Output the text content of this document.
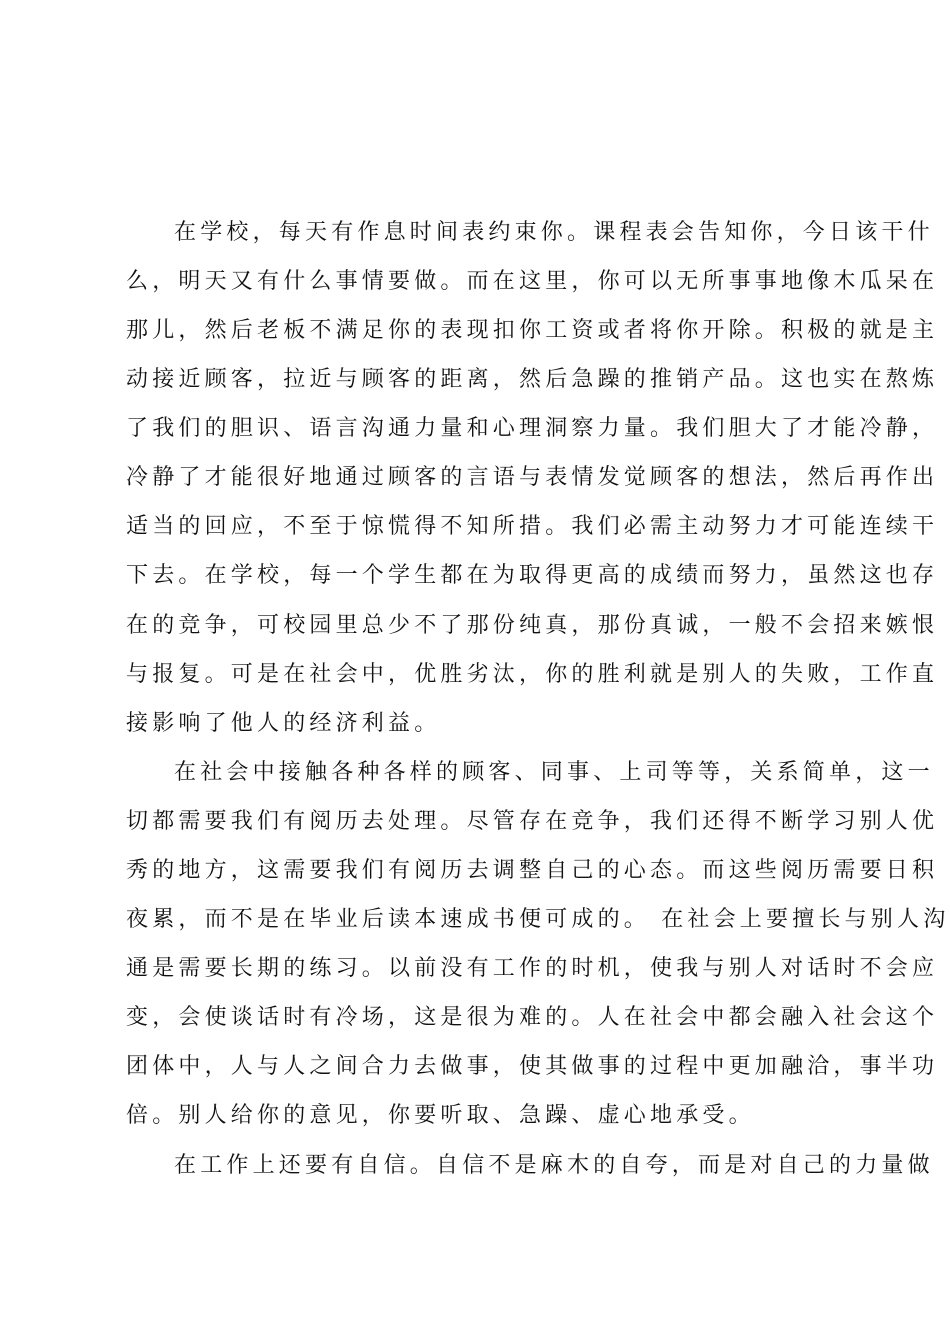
在学校，每天有作息时间表约束你。课程表会告知你，今日该干什
么，明天又有什么事情要做。而在这里，你可以无所事事地像木瓜呆在
那儿，然后老板不满足你的表现扣你工资或者将你开除。积极的就是主
动接近顾客，拉近与顾客的距离，然后急躁的推销产品。这也实在熬炼
了我们的胆识、语言沟通力量和心理洞察力量。我们胆大了才能冷静，
冷静了才能很好地通过顾客的言语与表情发觉顾客的想法，然后再作出
适当的回应，不至于惊慌得不知所措。我们必需主动努力才可能连续干
下去。在学校，每一个学生都在为取得更高的成绩而努力，虽然这也存
在的竞争，可校园里总少不了那份纯真，那份真诚，一般不会招来嫉恨
与报复。可是在社会中，优胜劣汰，你的胜利就是别人的失败，工作直
接影响了他人的经济利益。
在社会中接触各种各样的顾客、同事、上司等等，关系简单，这一
切都需要我们有阅历去处理。尽管存在竞争，我们还得不断学习别人优
秀的地方，这需要我们有阅历去调整自己的心态。而这些阅历需要日积
夜累，而不是在毕业后读本速成书便可成的。 在社会上要擅长与别人沟
通是需要长期的练习。以前没有工作的时机，使我与别人对话时不会应
变，会使谈话时有冷场，这是很为难的。人在社会中都会融入社会这个
团体中，人与人之间合力去做事，使其做事的过程中更加融洽，事半功
倍。别人给你的意见，你要听取、急躁、虚心地承受。
在工作上还要有自信。自信不是麻木的自夸，而是对自己的力量做
